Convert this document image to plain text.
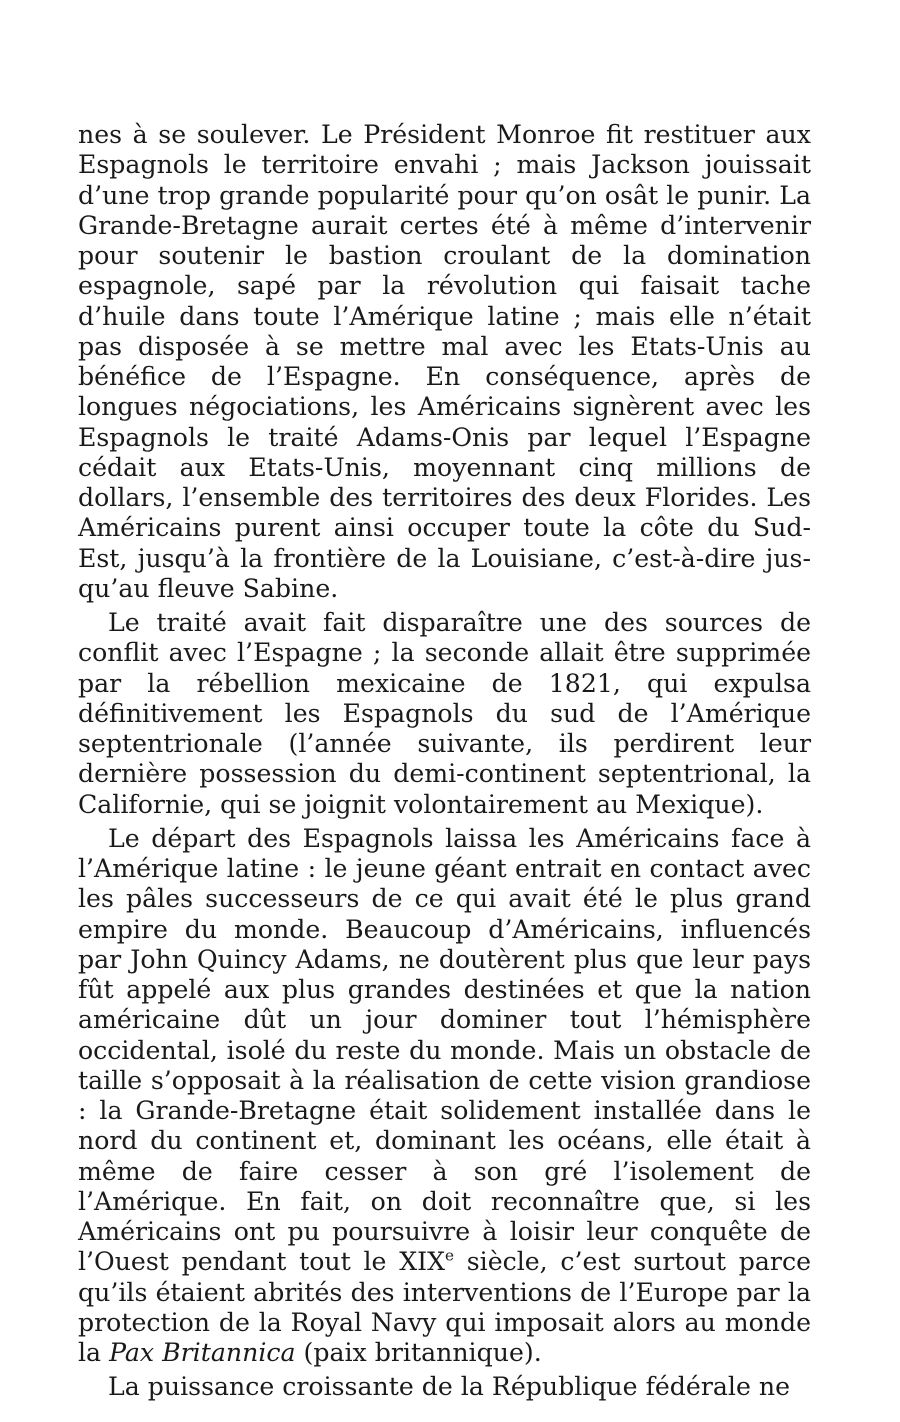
nes à se soulever. Le Président Monroe fit restituer aux Espagnols le territoire envahi ; mais Jackson jouissait d’une trop grande popularité pour qu’on osât le punir. La Grande-Bretagne aurait certes été à même d’intervenir pour soutenir le bastion croulant de la domination espagnole, sapé par la révolution qui faisait tache d’huile dans toute l’Amérique latine ; mais elle n’était pas disposée à se mettre mal avec les Etats-Unis au bénéfice de l’Espagne. En conséquence, après de longues négociations, les Américains signèrent avec les Espagnols le traité Adams-Onis par lequel l’Espagne cédait aux Etats-Unis, moyennant cinq millions de dollars, l’ensemble des territoires des deux Florides. Les Américains purent ainsi occuper toute la côte du Sud-Est, jusqu’à la frontière de la Louisiane, c’est-à-dire jusqu’au fleuve Sabine.

Le traité avait fait disparaître une des sources de conflit avec l’Espagne ; la seconde allait être supprimée par la rébellion mexicaine de 1821, qui expulsa définitivement les Espagnols du sud de l’Amérique septentrionale (l’année suivante, ils perdirent leur dernière possession du demi-continent septentrional, la Californie, qui se joignit volontairement au Mexique).

Le départ des Espagnols laissa les Américains face à l’Amérique latine : le jeune géant entrait en contact avec les pâles successeurs de ce qui avait été le plus grand empire du monde. Beaucoup d’Américains, influencés par John Quincy Adams, ne doutèrent plus que leur pays fût appelé aux plus grandes destinées et que la nation américaine dût un jour dominer tout l’hémisphère occidental, isolé du reste du monde. Mais un obstacle de taille s’opposait à la réalisation de cette vision grandiose : la Grande-Bretagne était solidement installée dans le nord du continent et, dominant les océans, elle était à même de faire cesser à son gré l’isolement de l’Amérique. En fait, on doit reconnaître que, si les Américains ont pu poursuivre à loisir leur conquête de l’Ouest pendant tout le XIXe siècle, c’est surtout parce qu’ils étaient abrités des interventions de l’Europe par la protection de la Royal Navy qui imposait alors au monde la Pax Britannica (paix britannique).

La puissance croissante de la République fédérale ne
